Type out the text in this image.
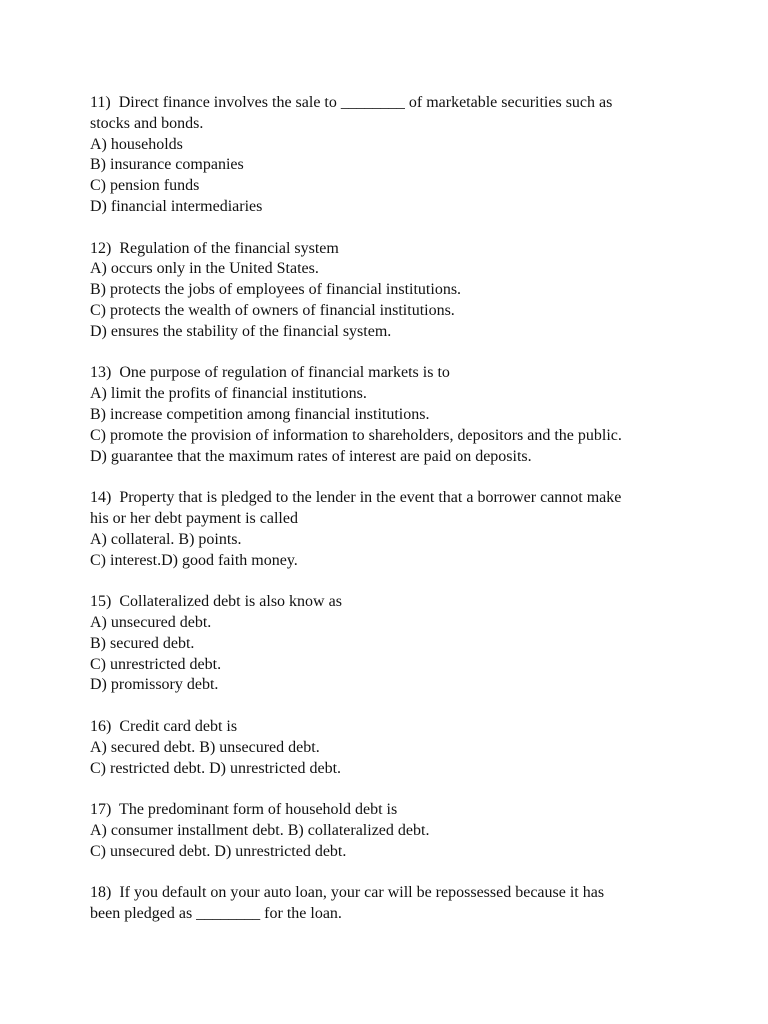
11)  Direct finance involves the sale to ________ of marketable securities such as
stocks and bonds.
A) households
B) insurance companies
C) pension funds
D) financial intermediaries
12)  Regulation of the financial system
A) occurs only in the United States.
B) protects the jobs of employees of financial institutions.
C) protects the wealth of owners of financial institutions.
D) ensures the stability of the financial system.
13)  One purpose of regulation of financial markets is to
A) limit the profits of financial institutions.
B) increase competition among financial institutions.
C) promote the provision of information to shareholders, depositors and the public.
D) guarantee that the maximum rates of interest are paid on deposits.
14)  Property that is pledged to the lender in the event that a borrower cannot make
his or her debt payment is called
A) collateral. B) points.
C) interest.D) good faith money.
15)  Collateralized debt is also know as
A) unsecured debt.
B) secured debt.
C) unrestricted debt.
D) promissory debt.
16)  Credit card debt is
A) secured debt. B) unsecured debt.
C) restricted debt. D) unrestricted debt.
17)  The predominant form of household debt is
A) consumer installment debt. B) collateralized debt.
C) unsecured debt. D) unrestricted debt.
18)  If you default on your auto loan, your car will be repossessed because it has
been pledged as ________ for the loan.
